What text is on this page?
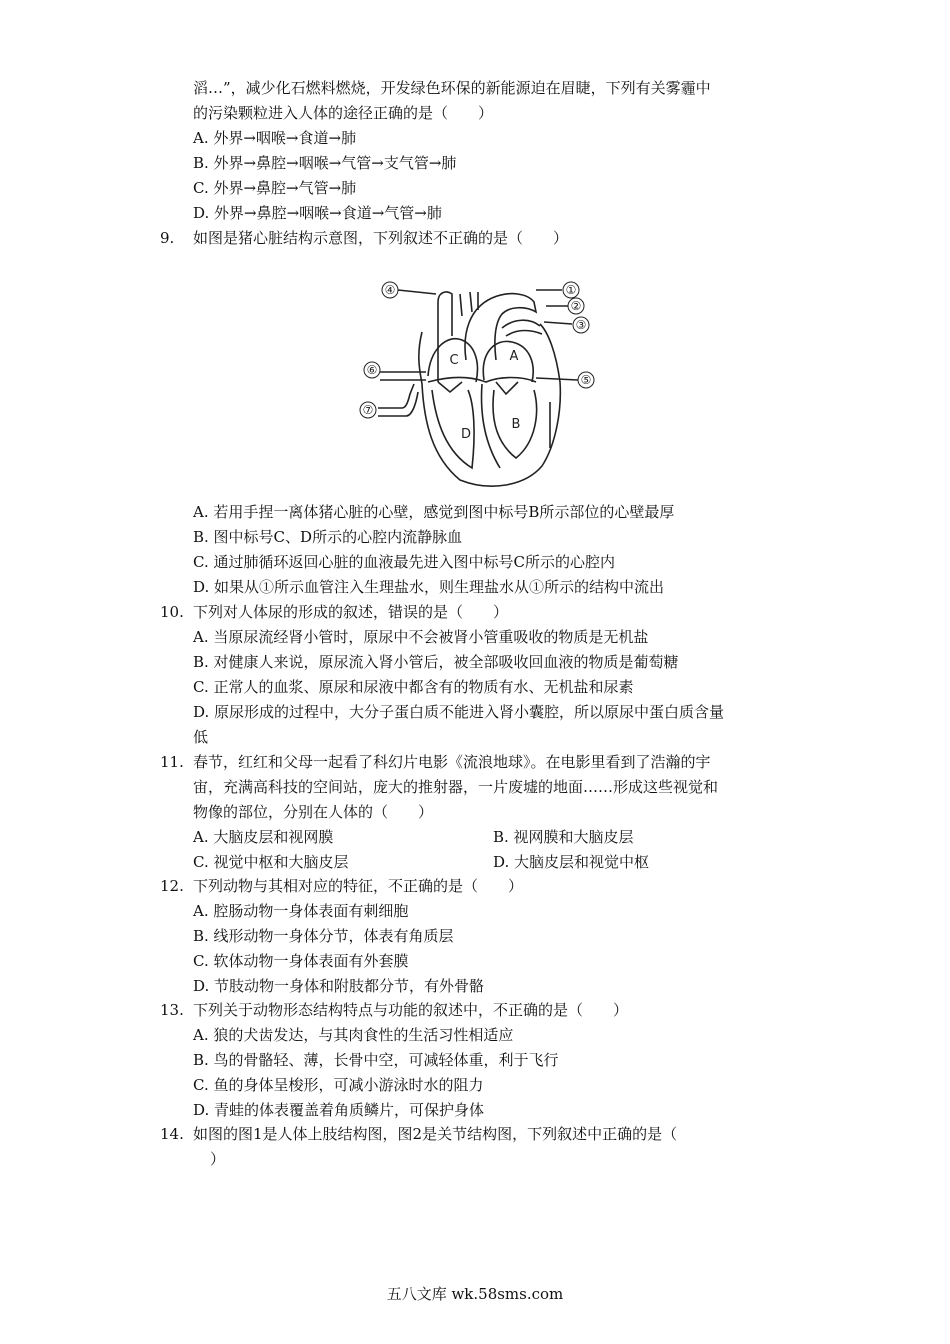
滔…”，减少化石燃料燃烧，开发绿色环保的新能源迫在眉睫，下列有关雾霾中
的污染颗粒进入人体的途径正确的是（　　）
A. 外界→咽喉→食道→肺
B. 外界→鼻腔→咽喉→气管→支气管→肺
C. 外界→鼻腔→气管→肺
D. 外界→鼻腔→咽喉→食道→气管→肺
9. 如图是猪心脏结构示意图，下列叙述不正确的是（　　）
①
②
③
④
⑤
⑥
⑦
C	A
D
B
A. 若用手捏一离体猪心脏的心壁，感觉到图中标号B所示部位的心壁最厚
B. 图中标号C、D所示的心腔内流静脉血
C. 通过肺循环返回心脏的血液最先进入图中标号C所示的心腔内
D. 如果从①所示血管注入生理盐水，则生理盐水从①所示的结构中流出
10. 下列对人体尿的形成的叙述，错误的是（　　）
A. 当原尿流经肾小管时，原尿中不会被肾小管重吸收的物质是无机盐
B. 对健康人来说，原尿流入肾小管后，被全部吸收回血液的物质是葡萄糖
C. 正常人的血浆、原尿和尿液中都含有的物质有水、无机盐和尿素
D. 原尿形成的过程中，大分子蛋白质不能进入肾小囊腔，所以原尿中蛋白质含量
低
11. 春节，红红和父母一起看了科幻片电影《流浪地球》。在电影里看到了浩瀚的宇
宙，充满高科技的空间站，庞大的推射器，一片废墟的地面……形成这些视觉和
物像的部位，分别在人体的（　　）
A. 大脑皮层和视网膜	B. 视网膜和大脑皮层
C. 视觉中枢和大脑皮层	D. 大脑皮层和视觉中枢
12. 下列动物与其相对应的特征，不正确的是（　　）
A. 腔肠动物一身体表面有刺细胞
B. 线形动物一身体分节，体表有角质层
C. 软体动物一身体表面有外套膜
D. 节肢动物一身体和附肢都分节，有外骨骼
13. 下列关于动物形态结构特点与功能的叙述中，不正确的是（　　）
A. 狼的犬齿发达，与其肉食性的生活习性相适应
B. 鸟的骨骼轻、薄，长骨中空，可减轻体重，利于飞行
C. 鱼的身体呈梭形，可减小游泳时水的阻力
D. 青蛙的体表覆盖着角质鳞片，可保护身体
14. 如图的图1是人体上肢结构图，图2是关节结构图，下列叙述中正确的是（
）
五八文库 wk.58sms.com
